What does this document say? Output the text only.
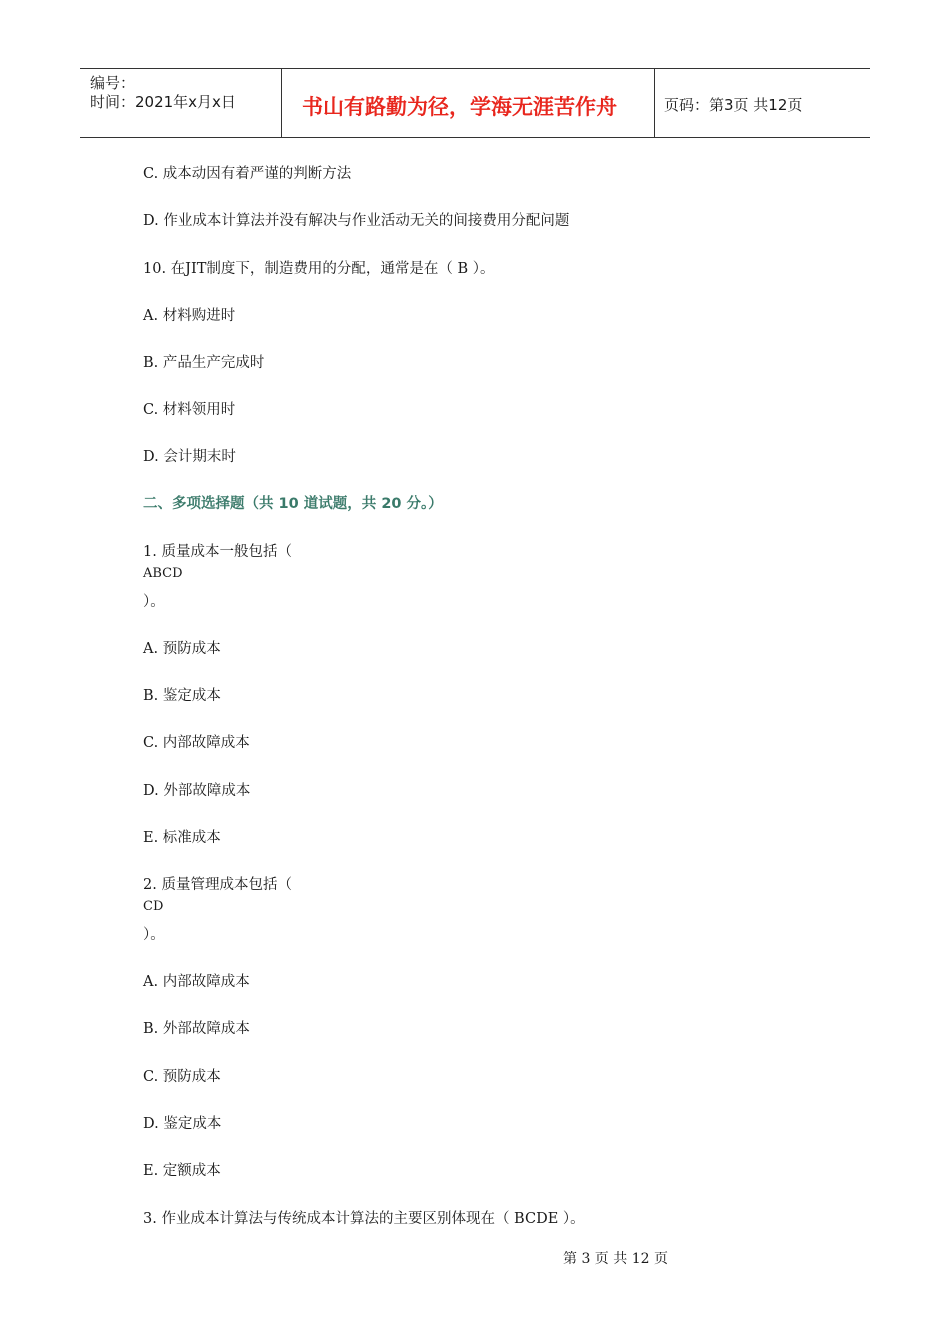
编号：
时间：2021年x月x日	书山有路勤为径，学海无涯苦作舟	页码：第3页 共12页
C. 成本动因有着严谨的判断方法
D. 作业成本计算法并没有解决与作业活动无关的间接费用分配问题
10. 在JIT制度下，制造费用的分配，通常是在（ B ）。
A. 材料购进时
B. 产品生产完成时
C. 材料领用时
D. 会计期末时
二、多项选择题（共 10 道试题，共 20 分。）
1. 质量成本一般包括（
ABCD
）。
A. 预防成本
B. 鉴定成本
C. 内部故障成本
D. 外部故障成本
E. 标准成本
2. 质量管理成本包括（
CD
）。
A. 内部故障成本
B. 外部故障成本
C. 预防成本
D. 鉴定成本
E. 定额成本
3. 作业成本计算法与传统成本计算法的主要区别体现在（ BCDE ）。
第 3 页 共 12 页
